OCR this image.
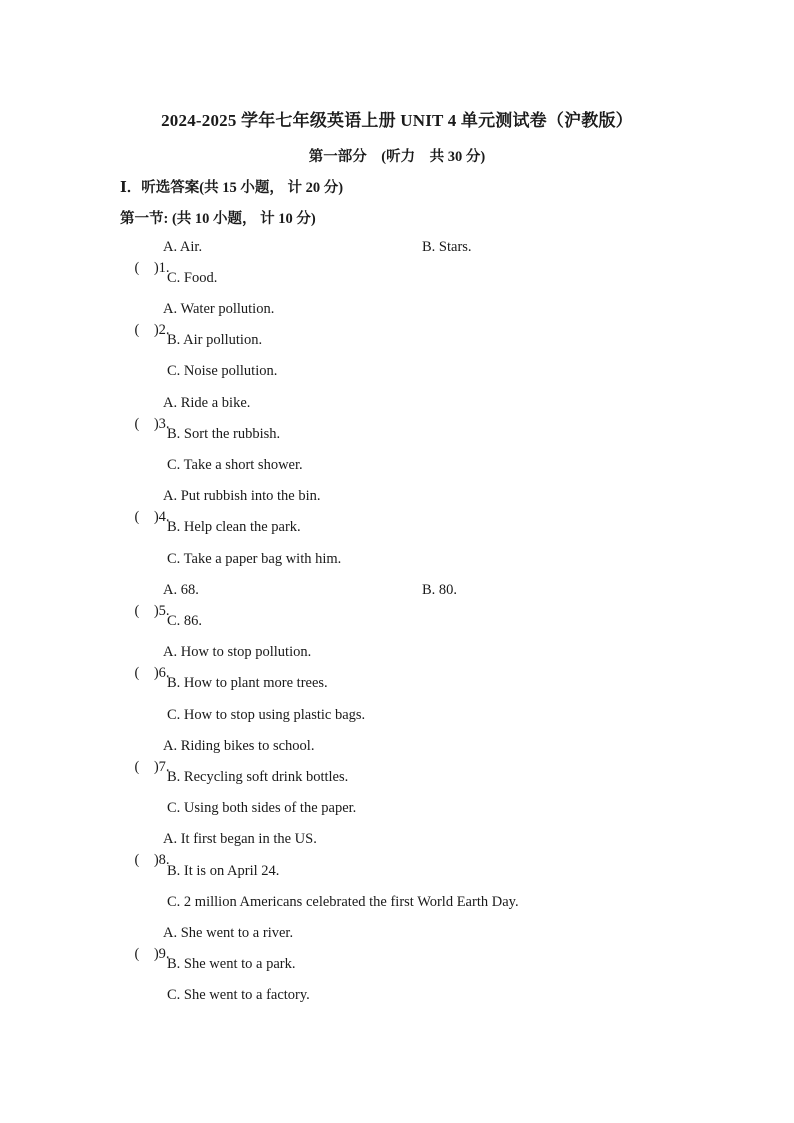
2024-2025 学年七年级英语上册 UNIT 4 单元测试卷（沪教版）
第一部分　(听力　共 30 分)
Ⅰ．听选答案(共 15 小题， 计 20 分)
第一节: (共 10 小题， 计 10 分)

(　)1.

A. Air.	B. Stars.
C. Food.

(　)2.

A. Water pollution.
B. Air pollution.
C. Noise pollution.

(　)3.

A. Ride a bike.
B. Sort the rubbish.
C. Take a short shower.

(　)4.

A. Put rubbish into the bin.
B. Help clean the park.
C. Take a paper bag with him.

(　)5.

A. 68.	B. 80.
C. 86.

(　)6.

A. How to stop pollution.
B. How to plant more trees.
C. How to stop using plastic bags.

(　)7.

A. Riding bikes to school.
B. Recycling soft drink bottles.
C. Using both sides of the paper.

(　)8.

A. It first began in the US.
B. It is on April 24.
C. 2 million Americans celebrated the first World Earth Day.

(　)9.

A. She went to a river.
B. She went to a park.
C. She went to a factory.
